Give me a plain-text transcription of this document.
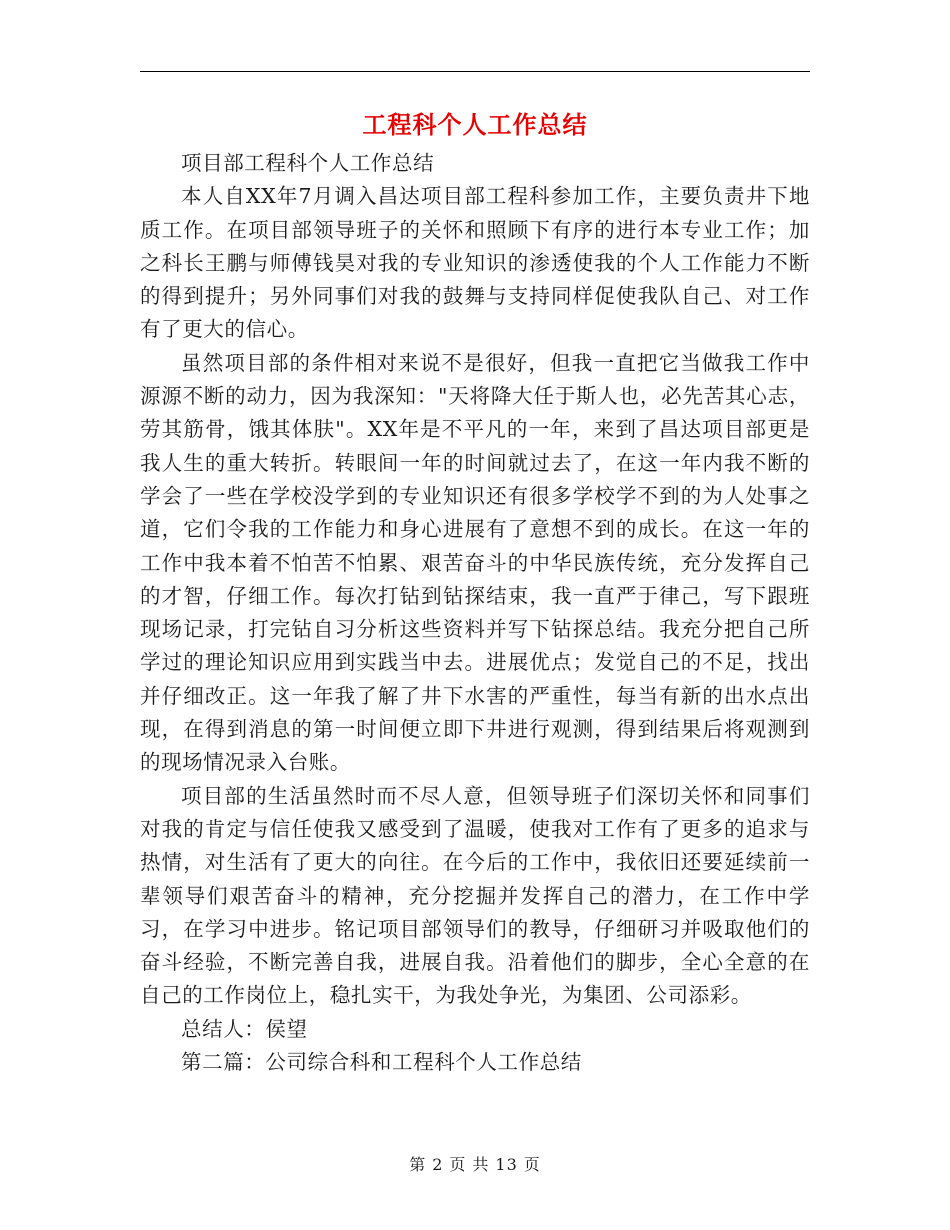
工程科个人工作总结

项目部工程科个人工作总结

本人自XX年7月调入昌达项目部工程科参加工作，主要负责井下地质工作。在项目部领导班子的关怀和照顾下有序的进行本专业工作；加之科长王鹏与师傅钱昊对我的专业知识的渗透使我的个人工作能力不断的得到提升；另外同事们对我的鼓舞与支持同样促使我队自己、对工作有了更大的信心。

虽然项目部的条件相对来说不是很好，但我一直把它当做我工作中源源不断的动力，因为我深知："天将降大任于斯人也，必先苦其心志，劳其筋骨，饿其体肤"。XX年是不平凡的一年，来到了昌达项目部更是我人生的重大转折。转眼间一年的时间就过去了，在这一年内我不断的学会了一些在学校没学到的专业知识还有很多学校学不到的为人处事之道，它们令我的工作能力和身心进展有了意想不到的成长。在这一年的工作中我本着不怕苦不怕累、艰苦奋斗的中华民族传统，充分发挥自己的才智，仔细工作。每次打钻到钻探结束，我一直严于律己，写下跟班现场记录，打完钻自习分析这些资料并写下钻探总结。我充分把自己所学过的理论知识应用到实践当中去。进展优点；发觉自己的不足，找出并仔细改正。这一年我了解了井下水害的严重性，每当有新的出水点出现，在得到消息的第一时间便立即下井进行观测，得到结果后将观测到的现场情况录入台账。

项目部的生活虽然时而不尽人意，但领导班子们深切关怀和同事们对我的肯定与信任使我又感受到了温暖，使我对工作有了更多的追求与热情，对生活有了更大的向往。在今后的工作中，我依旧还要延续前一辈领导们艰苦奋斗的精神，充分挖掘并发挥自己的潜力，在工作中学习，在学习中进步。铭记项目部领导们的教导，仔细研习并吸取他们的奋斗经验，不断完善自我，进展自我。沿着他们的脚步，全心全意的在自己的工作岗位上，稳扎实干，为我处争光，为集团、公司添彩。

总结人：侯望

第二篇：公司综合科和工程科个人工作总结

第 2 页 共 13 页
